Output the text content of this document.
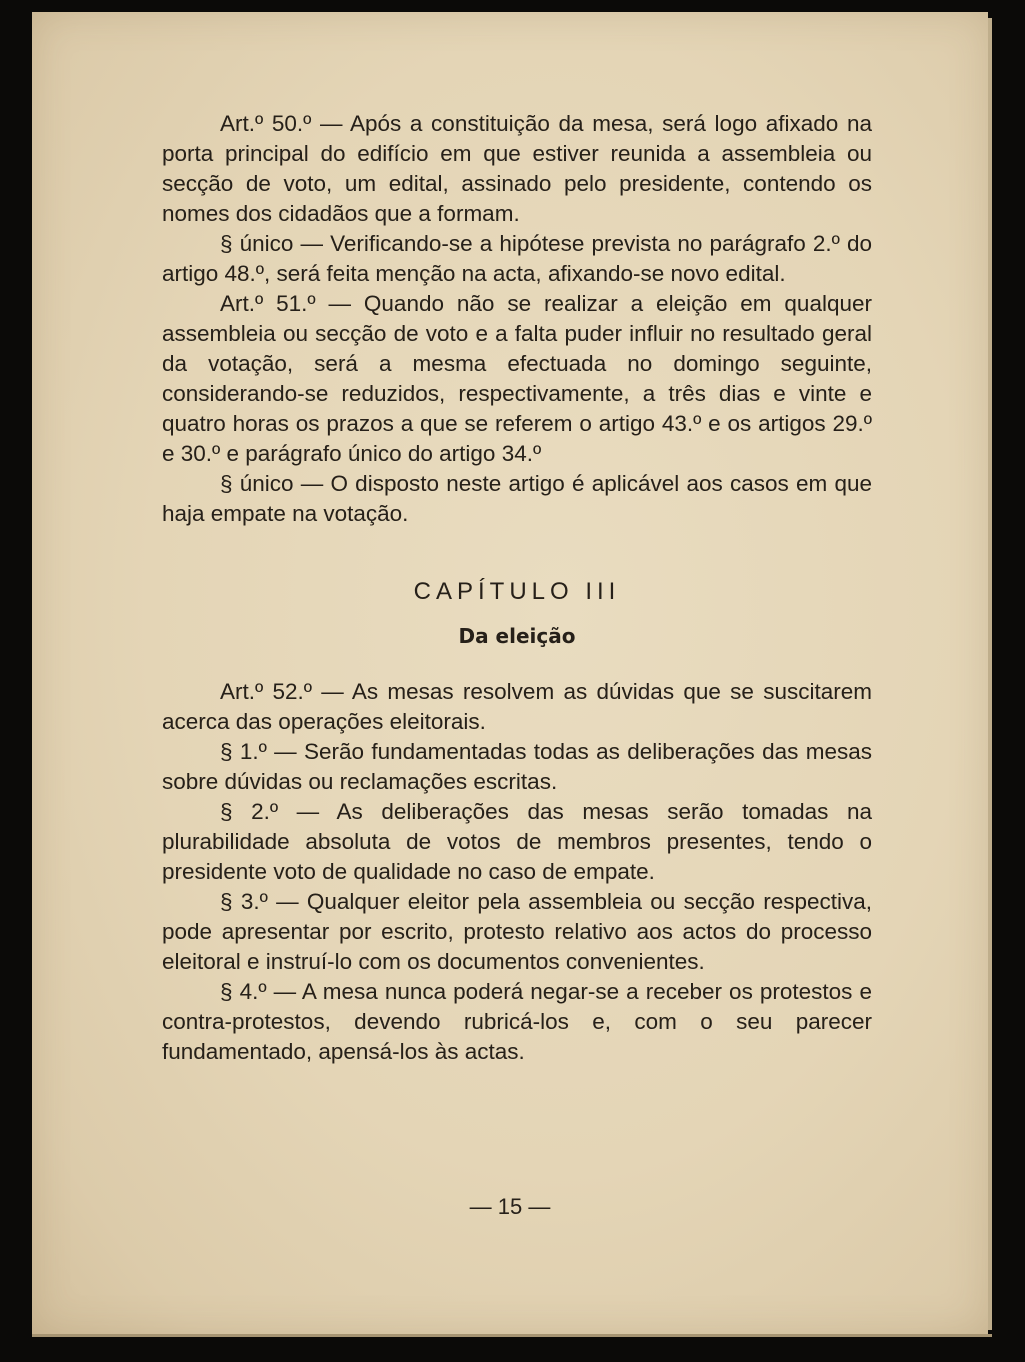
Art.º 50.º — Após a constituição da mesa, será logo afixado na porta principal do edifício em que estiver reunida a assembleia ou secção de voto, um edital, assinado pelo presidente, contendo os nomes dos cidadãos que a formam.

§ único — Verificando-se a hipótese prevista no parágrafo 2.º do artigo 48.º, será feita menção na acta, afixando-se novo edital.

Art.º 51.º — Quando não se realizar a eleição em qualquer assembleia ou secção de voto e a falta puder influir no resultado geral da votação, será a mesma efectuada no domingo seguinte, considerando-se reduzidos, respectivamente, a três dias e vinte e quatro horas os prazos a que se referem o artigo 43.º e os artigos 29.º e 30.º e parágrafo único do artigo 34.º

§ único — O disposto neste artigo é aplicável aos casos em que haja empate na votação.

CAPÍTULO III
Da eleição

Art.º 52.º — As mesas resolvem as dúvidas que se suscitarem acerca das operações eleitorais.

§ 1.º — Serão fundamentadas todas as deliberações das mesas sobre dúvidas ou reclamações escritas.

§ 2.º — As deliberações das mesas serão tomadas na plurabilidade absoluta de votos de membros presentes, tendo o presidente voto de qualidade no caso de empate.

§ 3.º — Qualquer eleitor pela assembleia ou secção respectiva, pode apresentar por escrito, protesto relativo aos actos do processo eleitoral e instruí-lo com os documentos convenientes.

§ 4.º — A mesa nunca poderá negar-se a receber os protestos e contra-protestos, devendo rubricá-los e, com o seu parecer fundamentado, apensá-los às actas.

— 15 —
